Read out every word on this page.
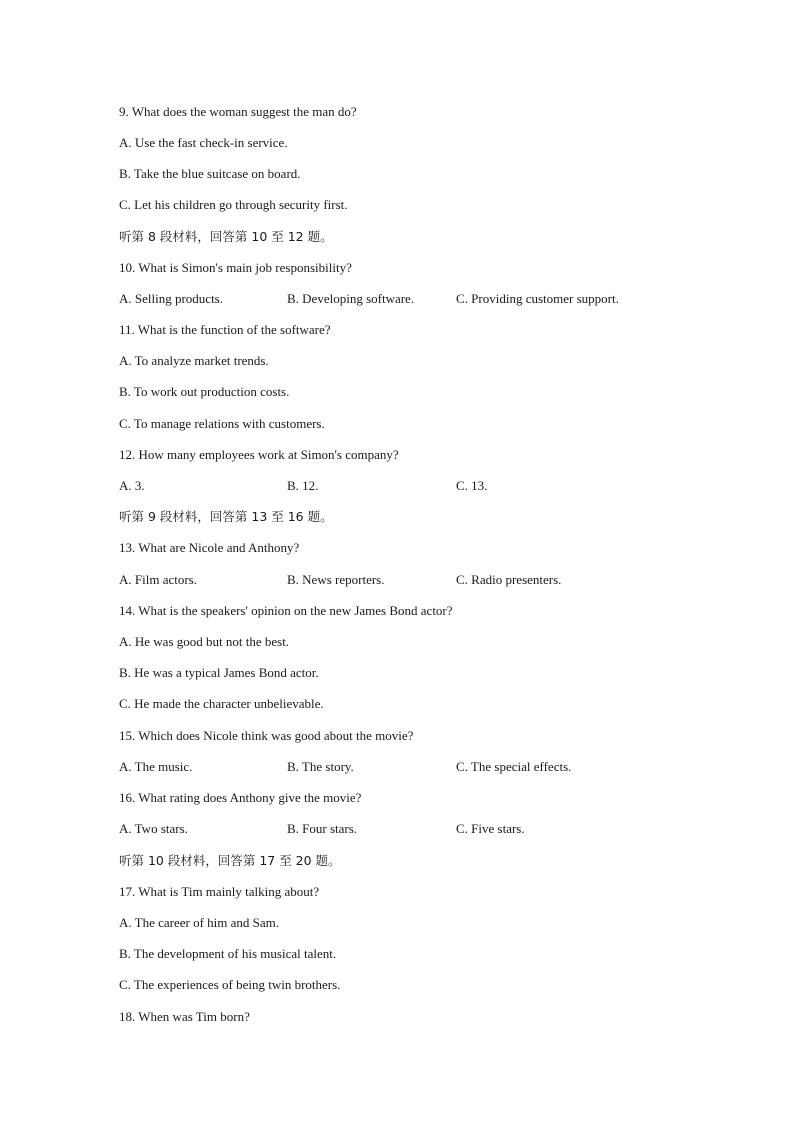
9. What does the woman suggest the man do?
A. Use the fast check-in service.
B. Take the blue suitcase on board.
C. Let his children go through security first.
听第 8 段材料，回答第 10 至 12 题。
10. What is Simon's main job responsibility?
A. Selling products.	B. Developing software.	C. Providing customer support.
11. What is the function of the software?
A. To analyze market trends.
B. To work out production costs.
C. To manage relations with customers.
12. How many employees work at Simon's company?
A. 3.	B. 12.	C. 13.
听第 9 段材料，回答第 13 至 16 题。
13. What are Nicole and Anthony?
A. Film actors.	B. News reporters.	C. Radio presenters.
14. What is the speakers' opinion on the new James Bond actor?
A. He was good but not the best.
B. He was a typical James Bond actor.
C. He made the character unbelievable.
15. Which does Nicole think was good about the movie?
A. The music.	B. The story.	C. The special effects.
16. What rating does Anthony give the movie?
A. Two stars.	B. Four stars.	C. Five stars.
听第 10 段材料，回答第 17 至 20 题。
17. What is Tim mainly talking about?
A. The career of him and Sam.
B. The development of his musical talent.
C. The experiences of being twin brothers.
18. When was Tim born?
